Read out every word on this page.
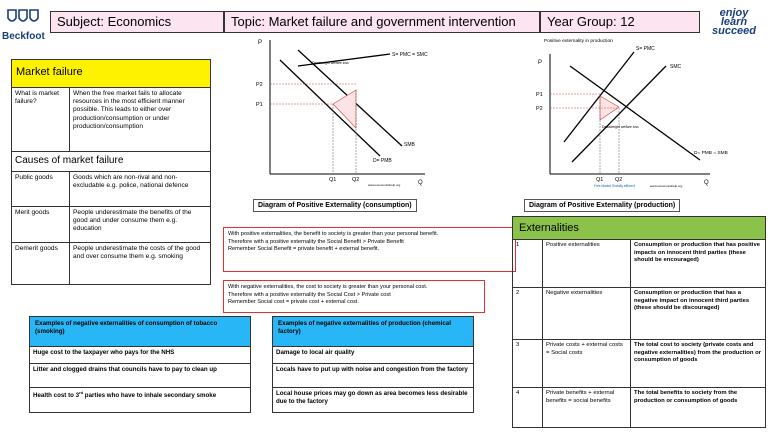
Beckfoot
Subject: Economics	Topic: Market failure and government intervention	Year Group: 12
enjoy
learn
succeed
Market failure	
What is market failure?	When the free market fails to allocate resources in the most efficient manner possible. This leads to either over production/consumption or under production/consumption
Causes of market failure	
Public goods	Goods which are non-rival and non-excludable e.g. police, national defence
Merit goods	People underestimate the benefits of the good and under consume them e.g. education
Demerit goods	People underestimate the costs of the good and over consume them e.g. smoking
P
Q
P2
P1
Q1	Q2
S= PMC = SMC
SMB
D= PMB
Deadweight welfare loss
www.economicshelp.org
Diagram of Positive Externality (consumption)
Positive externality in production
P
Q
P1
P2
Q1 Q2
Free Market Socially efficient
S= PMC
SMC
D= PMB = SMB
Deadweight welfare loss
www.economicshelp.org
Diagram of Positive Externality (production)
With positive externalities, the benefit to society is greater than your personal benefit.
Therefore with a positive externality the Social Benefit > Private Benefit
Remember Social Benefit = private benefit + external benefit.
With negative externalities, the cost to society is greater than your personal cost.
Therefore with a positive externality the Social Cost > Private cost
Remember Social cost = private cost + external cost.
Examples of negative externalities of consumption of tobacco (smoking)
Huge cost to the taxpayer who pays for the NHS
Litter and clogged drains that councils have to pay to clean up
Health cost to 3rd parties who have to inhale secondary smoke
Examples of negative externalities of production (chemical factory)
Damage to local air quality
Locals have to put up with noise and congestion from the factory
Local house prices may go down as area becomes less desirable due to the factory
Externalities		
1	Positive externalities	Consumption or production that has positive impacts on innocent third parties (these should be encouraged)
2	Negative externalities	Consumption or production that has a negative impact on innocent third parties (these should be discouraged)
3	Private costs + external costs = Social costs	The total cost to society (private costs and negative externalities) from the production or consumption of goods
4	Private benefits + external benefits = social benefits	The total benefits to society from the production or consumption of goods
